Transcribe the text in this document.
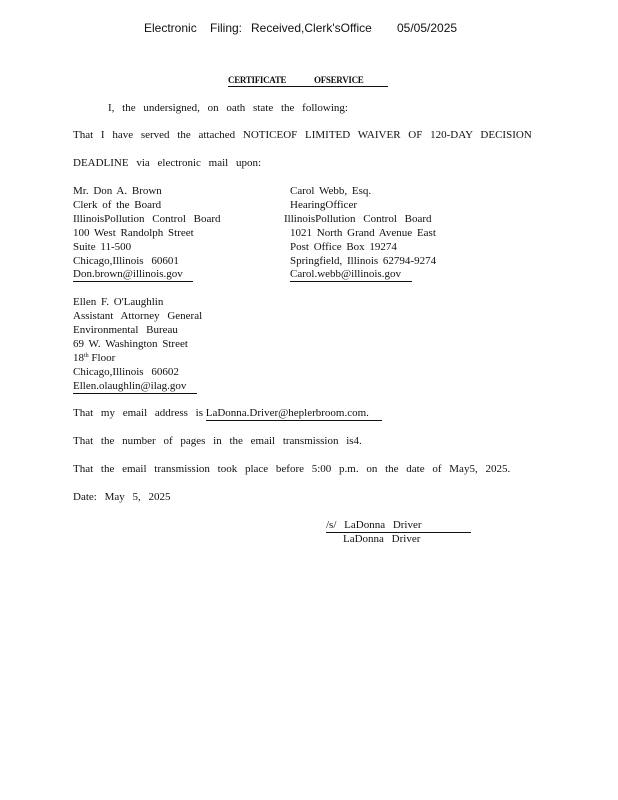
Electronic Filing: Received,Clerk'sOffice 05/05/2025
CERTIFICATE	OFSERVICE
I, the undersigned, on oath state the following:
That I have served the attached NOTICEOF LIMITED WAIVER OF 120-DAY DECISION
DEADLINE via electronic mail upon:
Mr. Don A. Brown
Clerk of the Board
IllinoisPollution Control Board
100 West Randolph Street
Suite 11-500
Chicago,Illinois 60601
Don.brown@illinois.gov
Carol Webb, Esq.
HearingOfficer
IllinoisPollution Control Board
1021 North Grand Avenue East
Post Office Box 19274
Springfield, Illinois 62794-9274
Carol.webb@illinois.gov
Ellen F. O'Laughlin
Assistant Attorney General
Environmental Bureau
69 W. Washington Street
18th Floor
Chicago,Illinois 60602
Ellen.olaughlin@ilag.gov
That my email address is LaDonna.Driver@heplerbroom.com.
That the number of pages in the email transmission is4.
That the email transmission took place before 5:00 p.m. on the date of May5, 2025.
Date: May 5, 2025
/s/ LaDonna Driver
LaDonna Driver
